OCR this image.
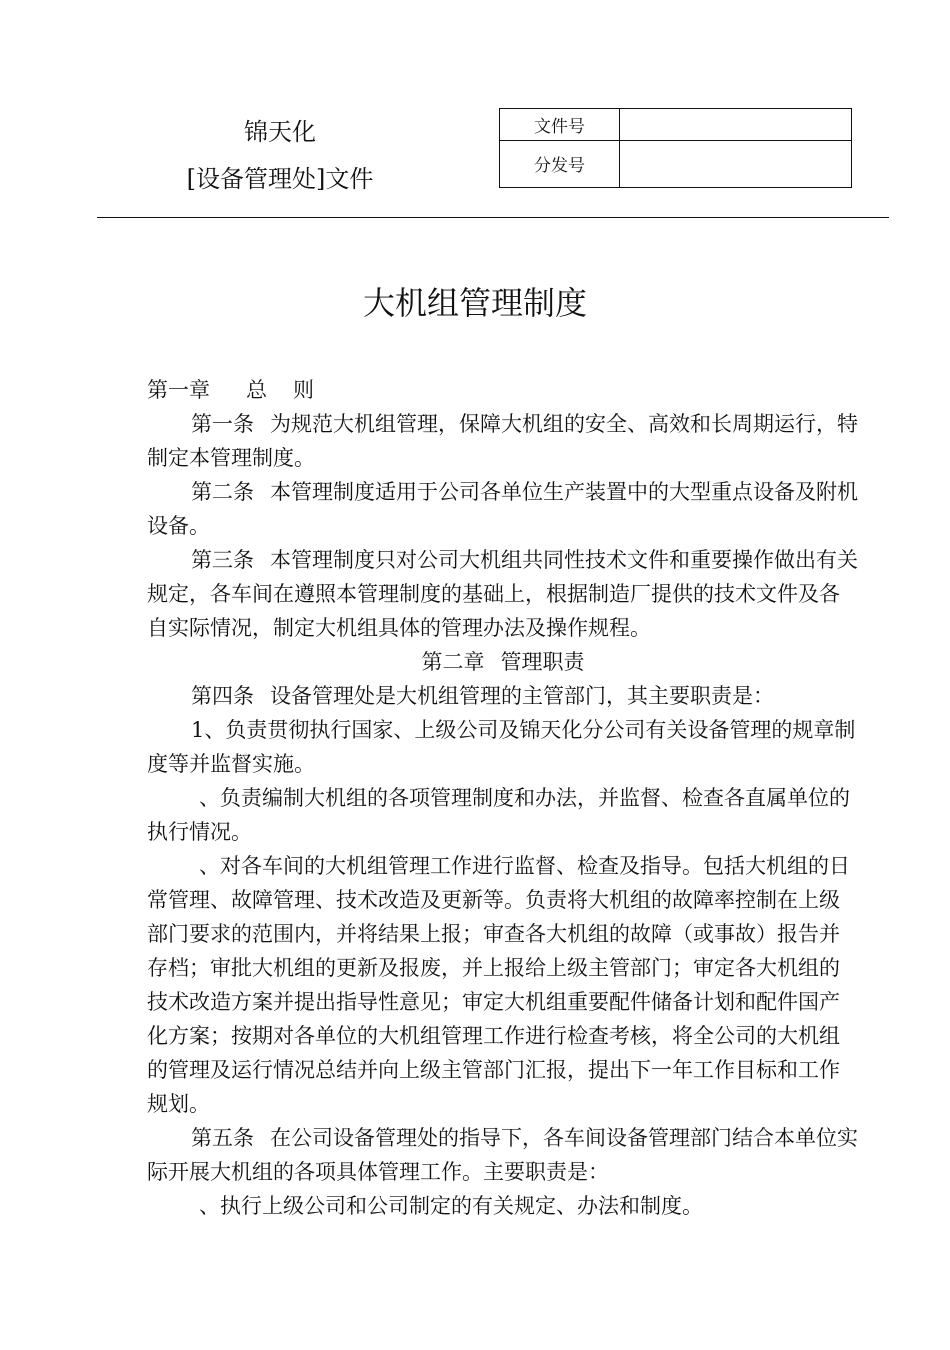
锦天化
[设备管理处]文件
文件号
分发号
大机组管理制度

第一章 总 则

第一条 为规范大机组管理，保障大机组的安全、高效和长周期运行，特制定本管理制度。

第二条 本管理制度适用于公司各单位生产装置中的大型重点设备及附机设备。

第三条 本管理制度只对公司大机组共同性技术文件和重要操作做出有关规定，各车间在遵照本管理制度的基础上，根据制造厂提供的技术文件及各自实际情况，制定大机组具体的管理办法及操作规程。

第二章 管理职责

第四条 设备管理处是大机组管理的主管部门，其主要职责是：

1、负责贯彻执行国家、上级公司及锦天化分公司有关设备管理的规章制度等并监督实施。

、负责编制大机组的各项管理制度和办法，并监督、检查各直属单位的执行情况。

、对各车间的大机组管理工作进行监督、检查及指导。包括大机组的日常管理、故障管理、技术改造及更新等。负责将大机组的故障率控制在上级部门要求的范围内，并将结果上报；审查各大机组的故障（或事故）报告并存档；审批大机组的更新及报废，并上报给上级主管部门；审定各大机组的技术改造方案并提出指导性意见；审定大机组重要配件储备计划和配件国产化方案；按期对各单位的大机组管理工作进行检查考核，将全公司的大机组的管理及运行情况总结并向上级主管部门汇报，提出下一年工作目标和工作规划。

第五条 在公司设备管理处的指导下，各车间设备管理部门结合本单位实际开展大机组的各项具体管理工作。主要职责是：

、执行上级公司和公司制定的有关规定、办法和制度。
